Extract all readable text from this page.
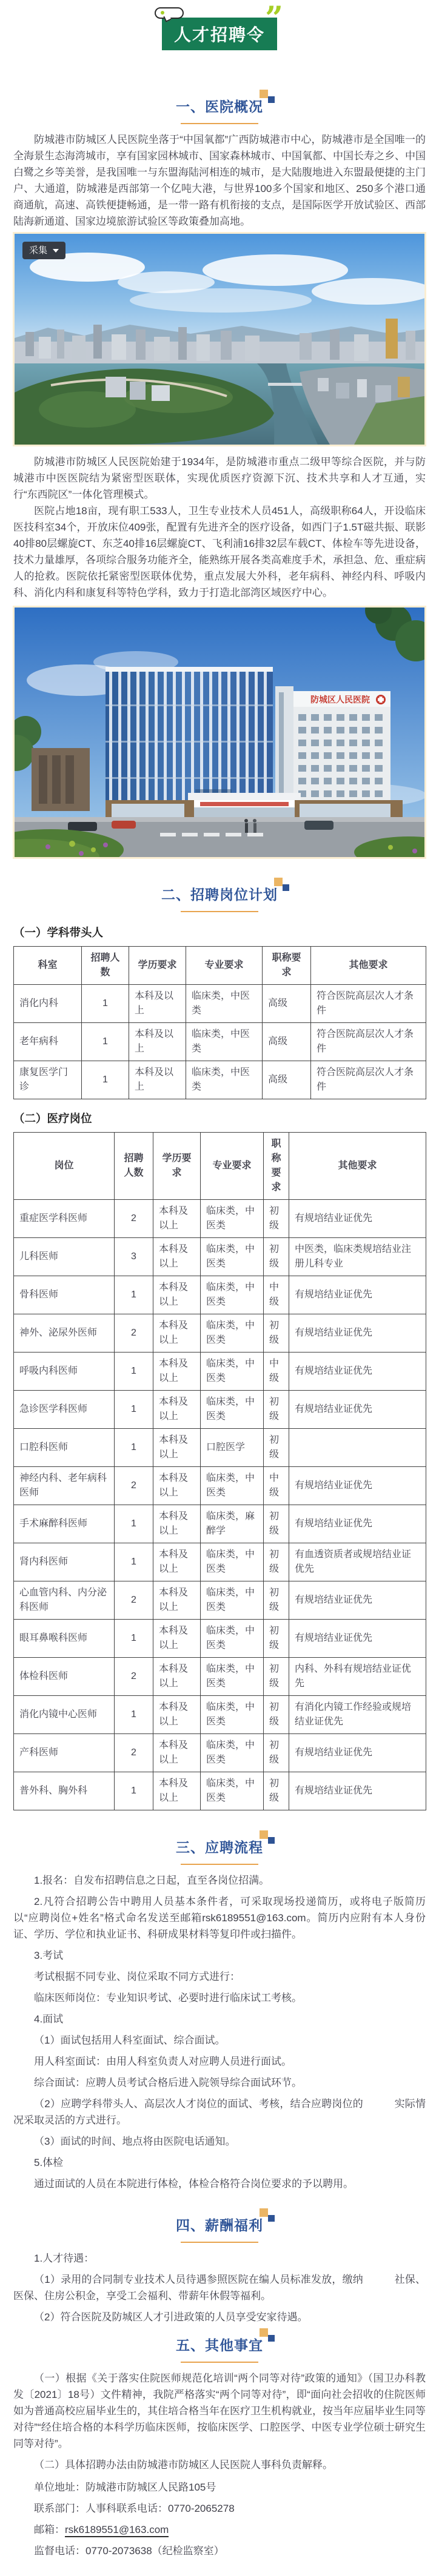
”
人才招聘令
一、医院概况

防城港市防城区人民医院坐落于“中国氧都”广西防城港市中心，防城港市是全国唯一的全海景生态海湾城市，享有国家园林城市、国家森林城市、中国氧都、中国长寿之乡、中国白鹭之乡等美誉，是我国唯一与东盟海陆河相连的城市，是大陆腹地进入东盟最便捷的主门户、大通道，防城港是西部第一个亿吨大港，与世界100多个国家和地区、250多个港口通商通航，高速、高铁便捷畅通，是一带一路有机衔接的支点，是国际医学开放试验区、西部陆海新通道、国家边境旅游试验区等政策叠加高地。

采集

防城港市防城区人民医院始建于1934年，是防城港市重点二级甲等综合医院，并与防城港市中医医院结为紧密型医联体，实现优质医疗资源下沉、技术共享和人才互通，实行“东西院区”一体化管理模式。

医院占地18亩，现有职工533人，卫生专业技术人员451人，高级职称64人，开设临床医技科室34个，开放床位409张，配置有先进齐全的医疗设备，如西门子1.5T磁共振、联影40排80层螺旋CT、东芝40排16层螺旋CT、飞利浦16排32层车载CT、体检车等先进设备，技术力量雄厚，各项综合服务功能齐全，能熟练开展各类高难度手术，承担急、危、重症病人的抢救。医院依托紧密型医联体优势，重点发展大外科，老年病科、神经内科、呼吸内科、消化内科和康复科等特色学科，致力于打造北部湾区域医疗中心。

防城区人民医院
二、招聘岗位计划
（一）学科带头人
科室	招聘人数	学历要求	专业要求	职称要求	其他要求
消化内科	1	本科及以上	临床类，中医类	高级	符合医院高层次人才条件
老年病科	1	本科及以上	临床类，中医类	高级	符合医院高层次人才条件
康复医学门诊	1	本科及以上	临床类，中医类	高级	符合医院高层次人才条件
（二）医疗岗位
岗位	招聘人数	学历要求	专业要求	职称要求	其他要求
重症医学科医师	2	本科及以上	临床类，中医类	初级	有规培结业证优先
儿科医师	3	本科及以上	临床类，中医类	初级	中医类，临床类规培结业注册儿科专业
骨科医师	1	本科及以上	临床类，中医类	中级	有规培结业证优先
神外、泌尿外医师	2	本科及以上	临床类，中医类	初级	有规培结业证优先
呼吸内科医师	1	本科及以上	临床类，中医类	中级	有规培结业证优先
急诊医学科医师	1	本科及以上	临床类，中医类	初级	有规培结业证优先
口腔科医师	1	本科及以上	口腔医学	初级	
神经内科、老年病科医师	2	本科及以上	临床类，中医类	中级	有规培结业证优先
手术麻醉科医师	1	本科及以上	临床类，麻醉学	初级	有规培结业证优先
肾内科医师	1	本科及以上	临床类，中医类	初级	有血透资质者或规培结业证优先
心血管内科、内分泌科医师	2	本科及以上	临床类，中医类	初级	有规培结业证优先
眼耳鼻喉科医师	1	本科及以上	临床类，中医类	初级	有规培结业证优先
体检科医师	2	本科及以上	临床类，中医类	初级	内科、外科有规培结业证优先
消化内镜中心医师	1	本科及以上	临床类，中医类	初级	有消化内镜工作经验或规培结业证优先
产科医师	2	本科及以上	临床类，中医类	初级	有规培结业证优先
普外科、胸外科	1	本科及以上	临床类，中医类	初级	有规培结业证优先
三、应聘流程

1.报名：自发布招聘信息之日起，直至各岗位招满。

2.凡符合招聘公告中聘用人员基本条件者，可采取现场投递简历，或将电子版简历以“应聘岗位+姓名”格式命名发送至邮箱rsk6189551@163.com。简历内应附有本人身份证、学历、学位和执业证书、科研成果材料等复印件或扫描件。

3.考试

考试根据不同专业、岗位采取不同方式进行：

临床医师岗位：专业知识考试、必要时进行临床试工考核。

4.面试

（1）面试包括用人科室面试、综合面试。

用人科室面试：由用人科室负责人对应聘人员进行面试。

综合面试：应聘人员考试合格后进入院领导综合面试环节。

（2）应聘学科带头人、高层次人才岗位的面试、考核，结合应聘岗位的　　　实际情况采取灵活的方式进行。

（3）面试的时间、地点将由医院电话通知。

5.体检

通过面试的人员在本院进行体检，体检合格符合岗位要求的予以聘用。

四、薪酬福利

1.人才待遇：

（1）录用的合同制专业技术人员待遇参照医院在编人员标准发放，缴纳　　　社保、医保、住房公积金，享受工会福利、带薪年休假等福利。

（2）符合医院及防城区人才引进政策的人员享受安家待遇。

五、其他事宜

（一）根据《关于落实住院医师规范化培训“两个同等对待”政策的通知》（国卫办科教发〔2021〕18号）文件精神，我院严格落实“两个同等对待”，即“面向社会招收的住院医师如为普通高校应届毕业生的，其住培合格当年在医疗卫生机构就业，按当年应届毕业生同等对待”“经住培合格的本科学历临床医师，按临床医学、口腔医学、中医专业学位硕士研究生同等对待”。

（二）具体招聘办法由防城港市防城区人民医院人事科负责解释。

单位地址：防城港市防城区人民路105号

联系部门：人事科联系电话：0770-2065278

邮箱：rsk6189551@163.com

监督电话：0770-2073638（纪检监察室）
